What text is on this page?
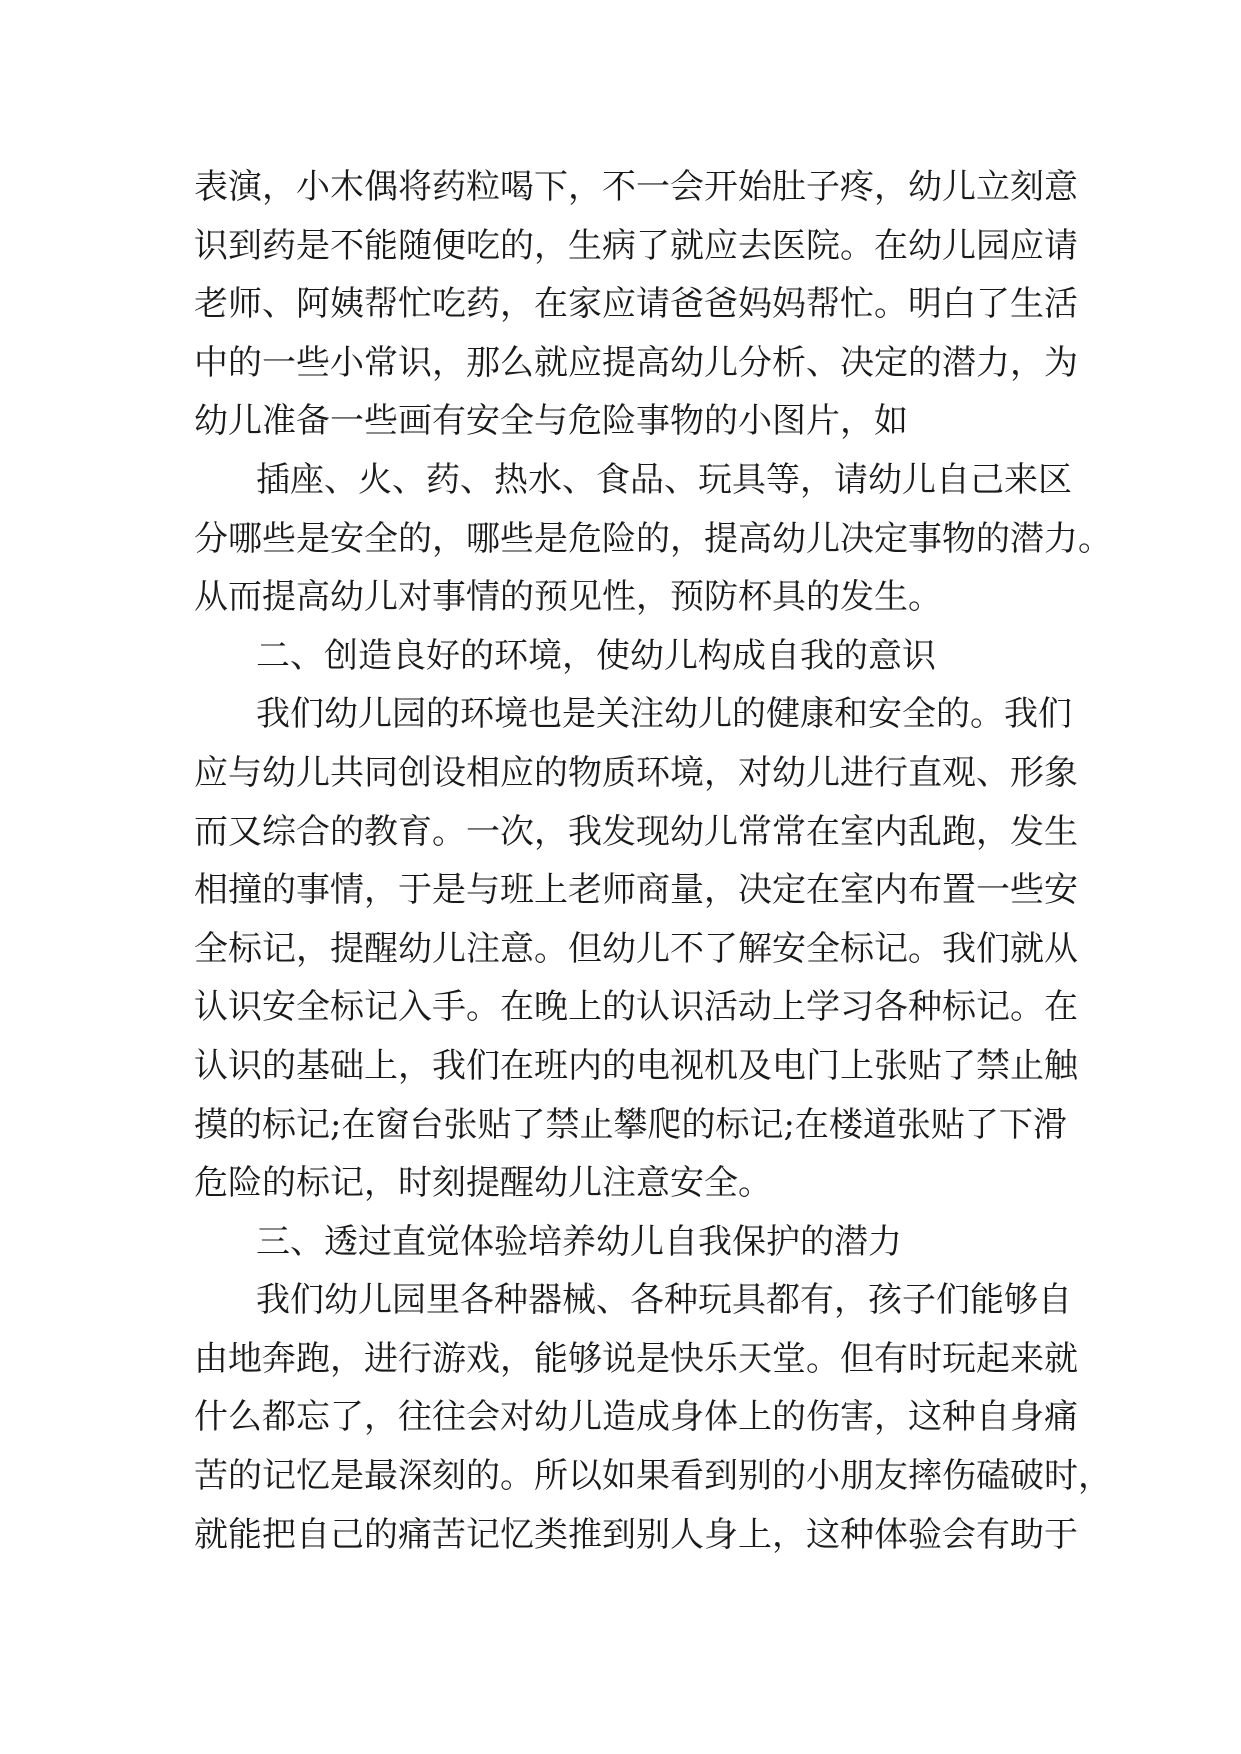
表演，小木偶将药粒喝下，不一会开始肚子疼，幼儿立刻意
识到药是不能随便吃的，生病了就应去医院。在幼儿园应请
老师、阿姨帮忙吃药，在家应请爸爸妈妈帮忙。明白了生活
中的一些小常识，那么就应提高幼儿分析、决定的潜力，为
幼儿准备一些画有安全与危险事物的小图片，如
插座、火、药、热水、食品、玩具等，请幼儿自己来区
分哪些是安全的，哪些是危险的，提高幼儿决定事物的潜力。
从而提高幼儿对事情的预见性，预防杯具的发生。
二、创造良好的环境，使幼儿构成自我的意识
我们幼儿园的环境也是关注幼儿的健康和安全的。我们
应与幼儿共同创设相应的物质环境，对幼儿进行直观、形象
而又综合的教育。一次，我发现幼儿常常在室内乱跑，发生
相撞的事情，于是与班上老师商量，决定在室内布置一些安
全标记，提醒幼儿注意。但幼儿不了解安全标记。我们就从
认识安全标记入手。在晚上的认识活动上学习各种标记。在
认识的基础上，我们在班内的电视机及电门上张贴了禁止触
摸的标记;在窗台张贴了禁止攀爬的标记;在楼道张贴了下滑
危险的标记，时刻提醒幼儿注意安全。
三、透过直觉体验培养幼儿自我保护的潜力
我们幼儿园里各种器械、各种玩具都有，孩子们能够自
由地奔跑，进行游戏，能够说是快乐天堂。但有时玩起来就
什么都忘了，往往会对幼儿造成身体上的伤害，这种自身痛
苦的记忆是最深刻的。所以如果看到别的小朋友摔伤磕破时，
就能把自己的痛苦记忆类推到别人身上，这种体验会有助于
